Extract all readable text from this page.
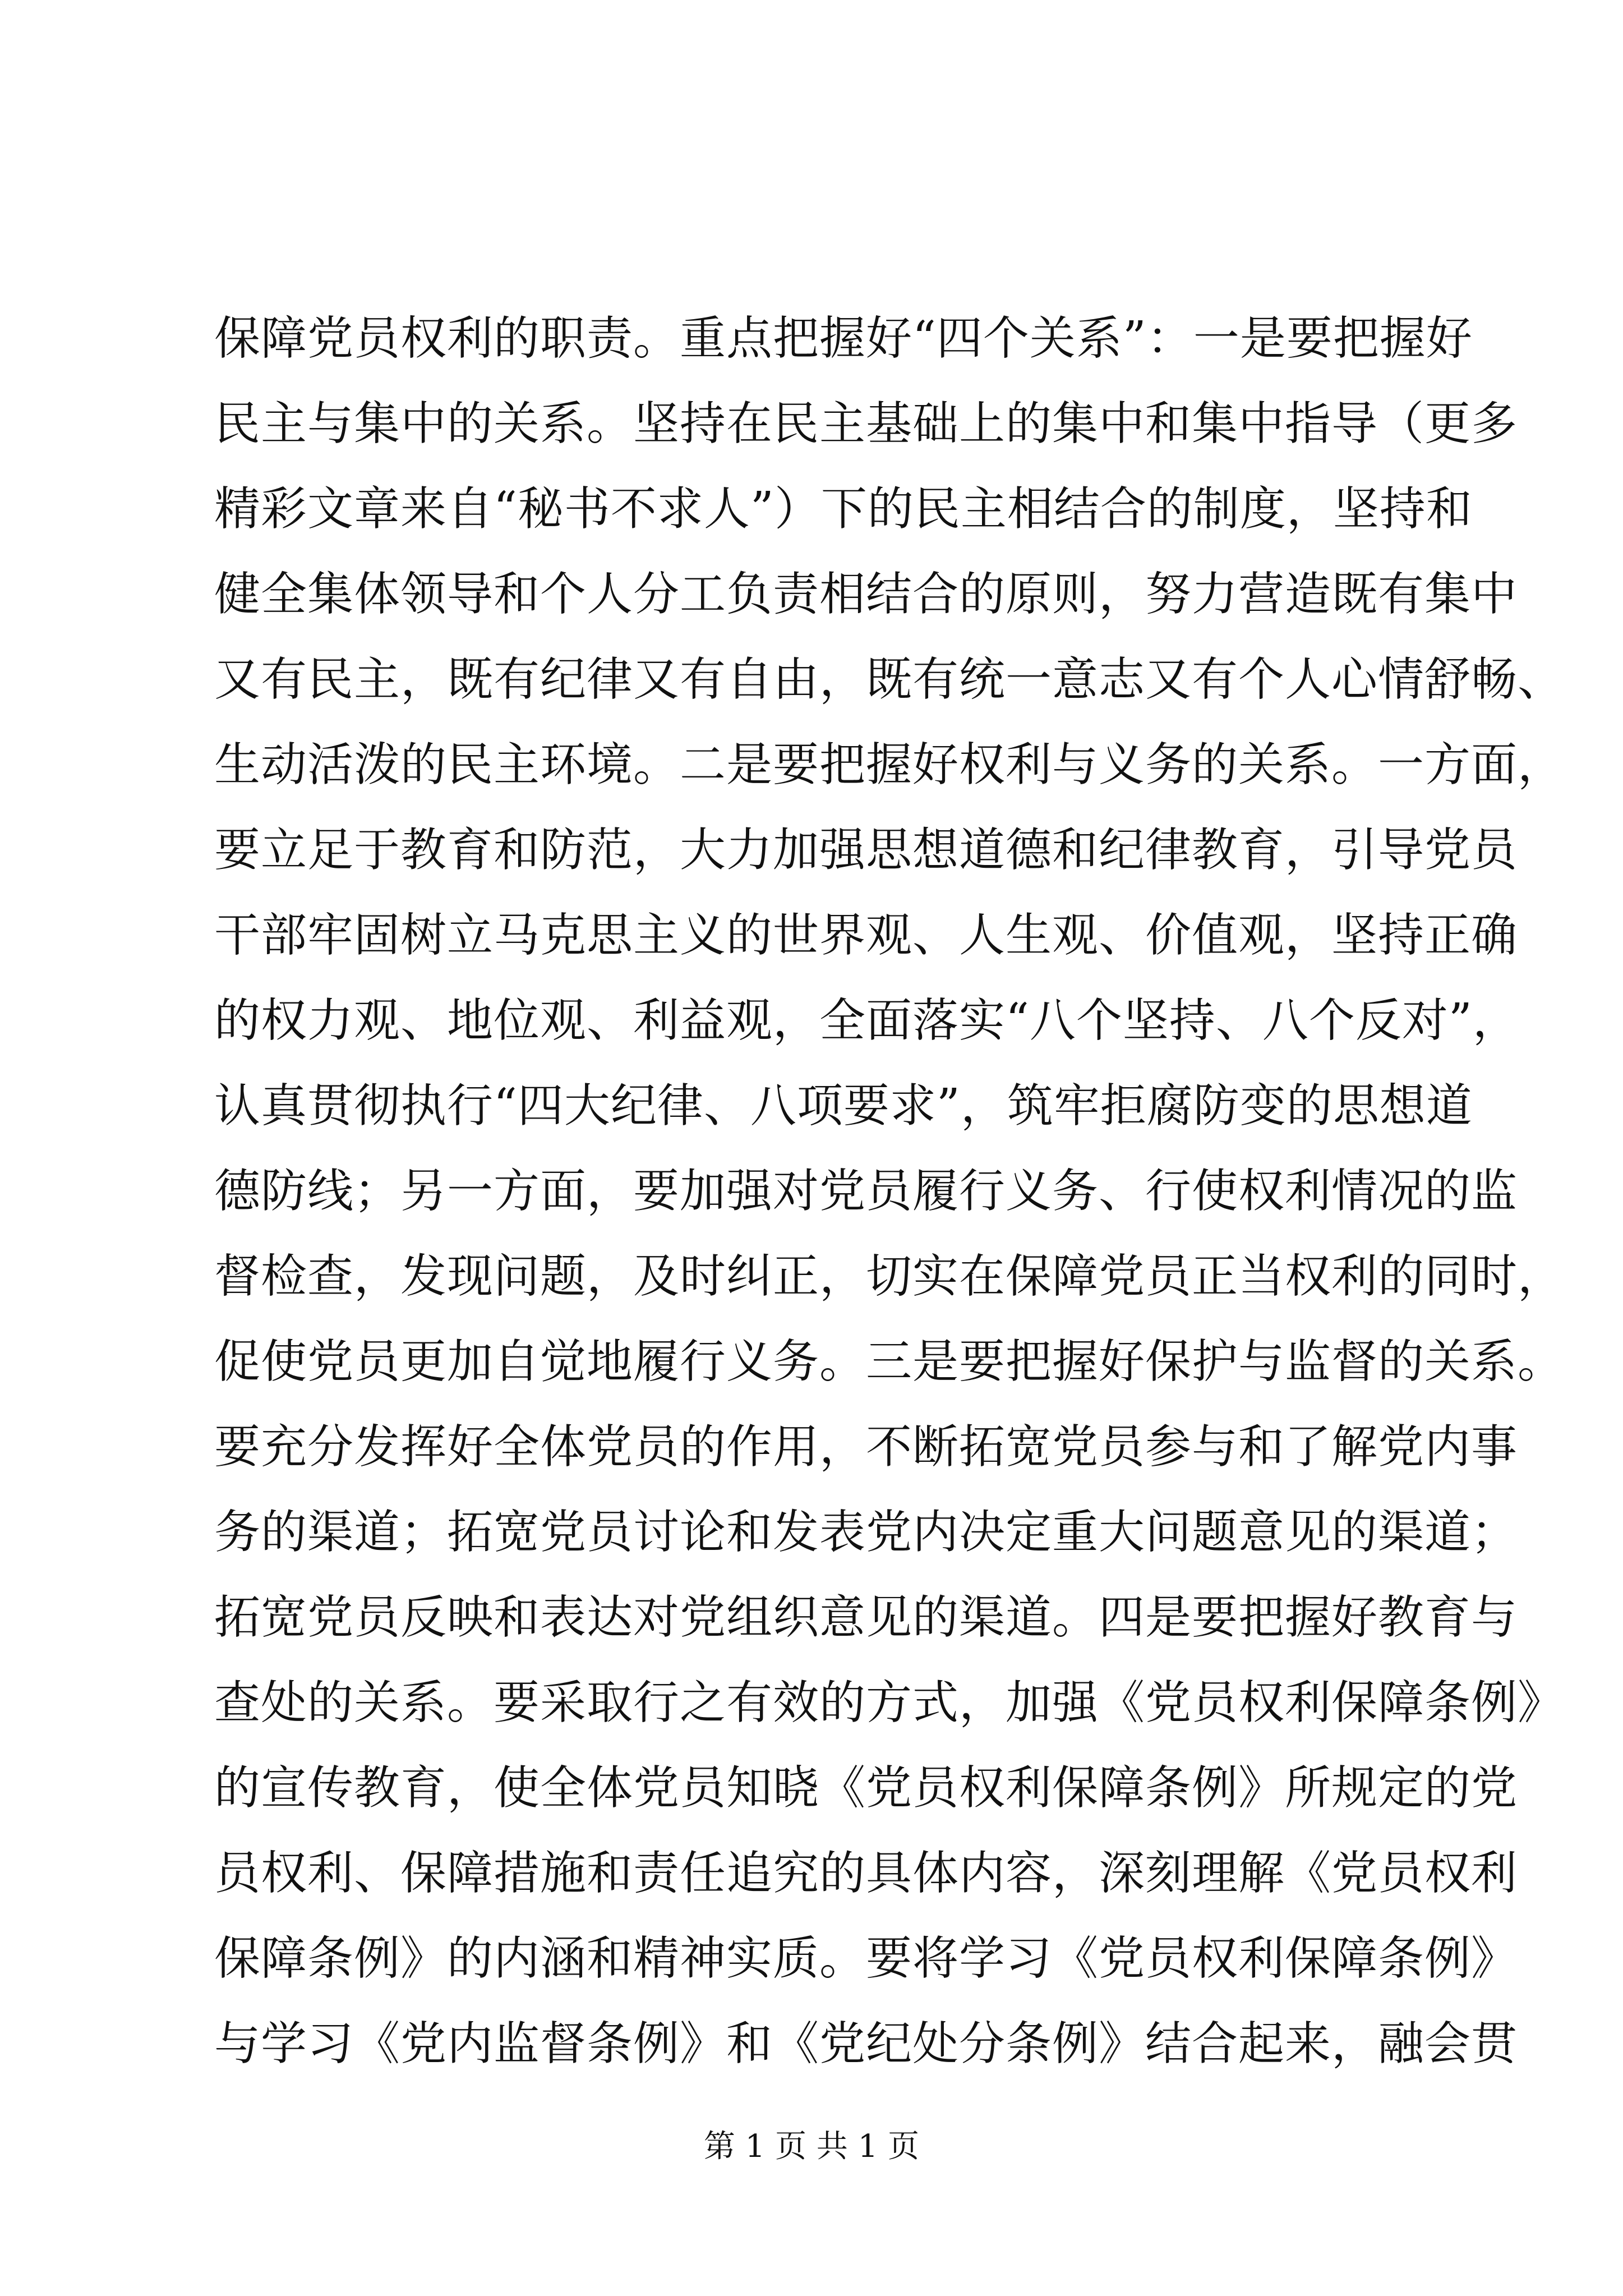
保障党员权利的职责。重点把握好“四个关系”：一是要把握好
民主与集中的关系。坚持在民主基础上的集中和集中指导（更多
精彩文章来自“秘书不求人”）下的民主相结合的制度，坚持和
健全集体领导和个人分工负责相结合的原则，努力营造既有集中
又有民主，既有纪律又有自由，既有统一意志又有个人心情舒畅、
生动活泼的民主环境。二是要把握好权利与义务的关系。一方面，
要立足于教育和防范，大力加强思想道德和纪律教育，引导党员
干部牢固树立马克思主义的世界观、人生观、价值观，坚持正确
的权力观、地位观、利益观，全面落实“八个坚持、八个反对”，
认真贯彻执行“四大纪律、八项要求”，筑牢拒腐防变的思想道
德防线；另一方面，要加强对党员履行义务、行使权利情况的监
督检查，发现问题，及时纠正，切实在保障党员正当权利的同时，
促使党员更加自觉地履行义务。三是要把握好保护与监督的关系。
要充分发挥好全体党员的作用，不断拓宽党员参与和了解党内事
务的渠道；拓宽党员讨论和发表党内决定重大问题意见的渠道；
拓宽党员反映和表达对党组织意见的渠道。四是要把握好教育与
查处的关系。要采取行之有效的方式，加强《党员权利保障条例》
的宣传教育，使全体党员知晓《党员权利保障条例》所规定的党
员权利、保障措施和责任追究的具体内容，深刻理解《党员权利
保障条例》的内涵和精神实质。要将学习《党员权利保障条例》
与学习《党内监督条例》和《党纪处分条例》结合起来，融会贯
第 1 页 共 1 页
